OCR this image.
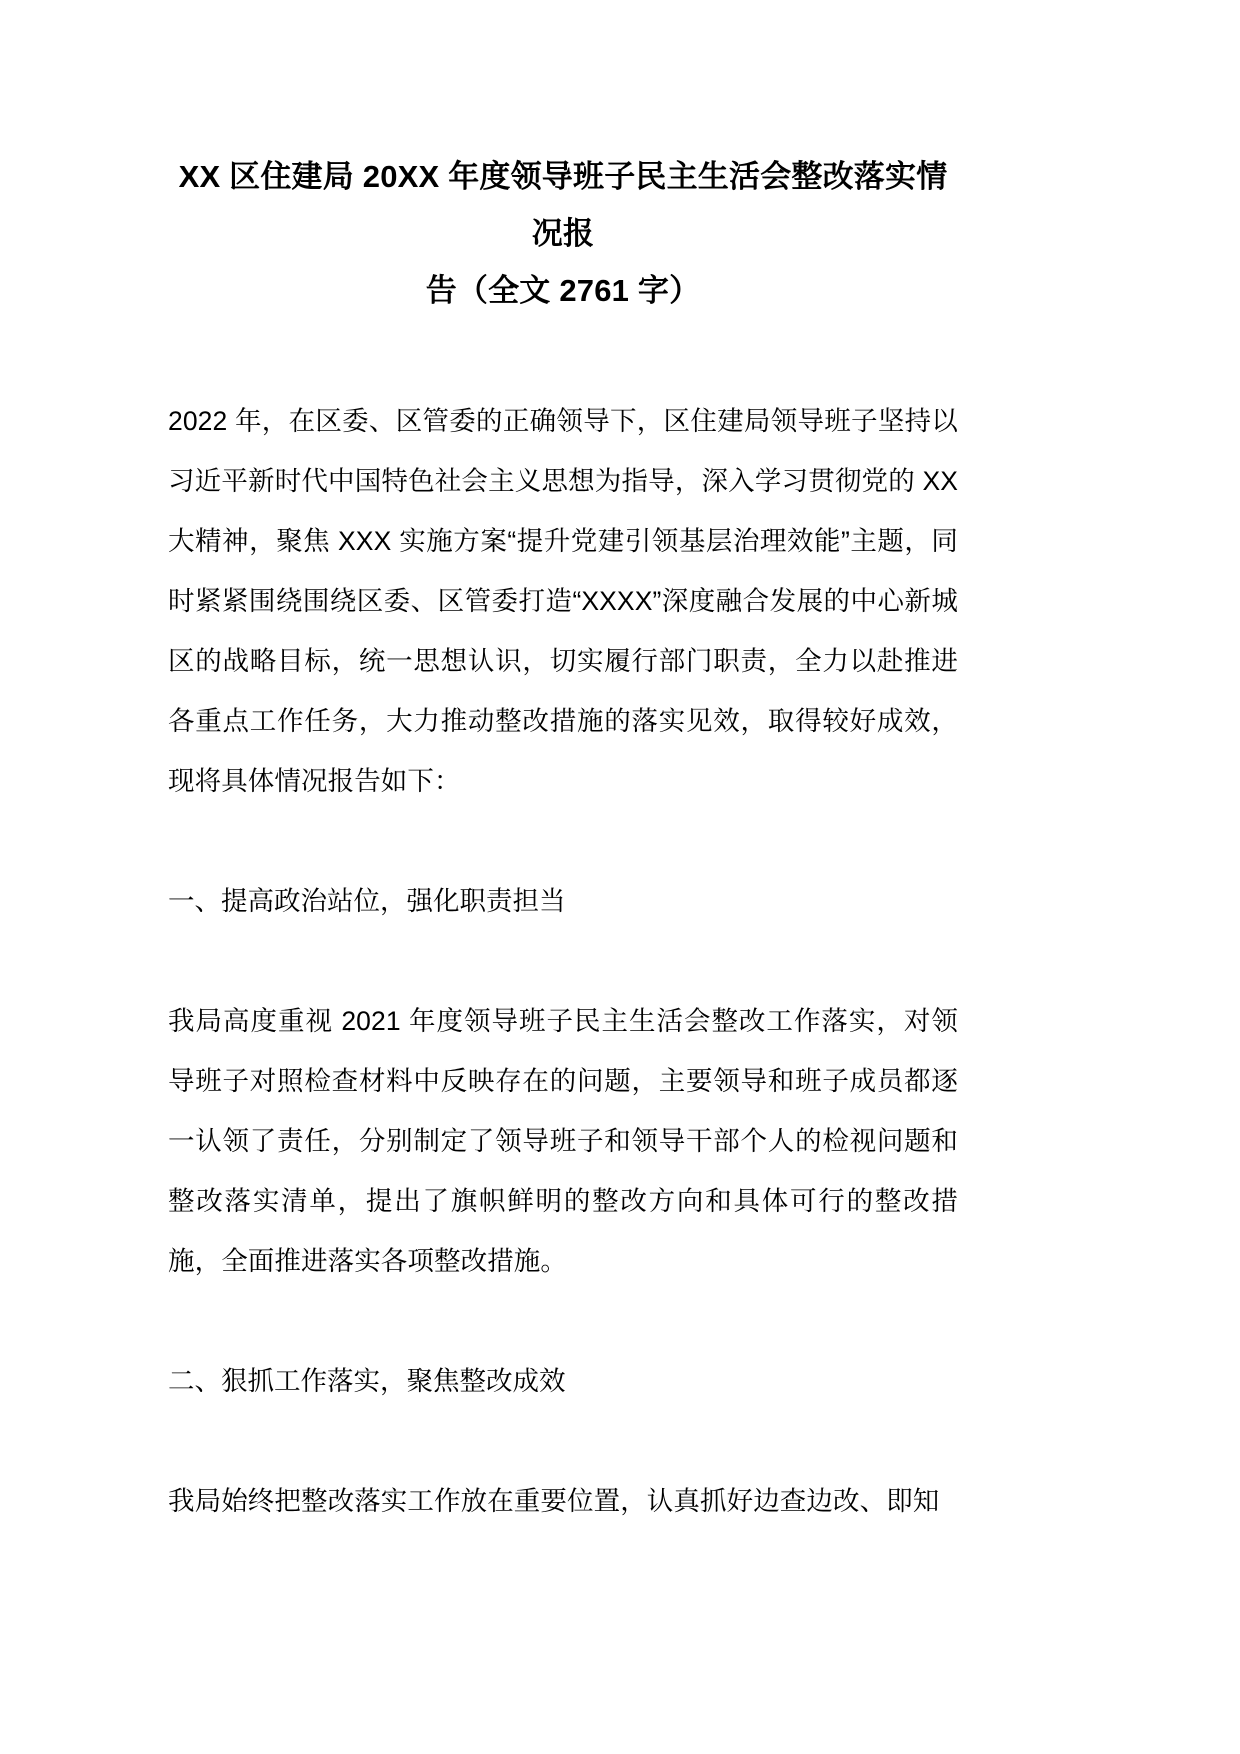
XX 区住建局 20XX 年度领导班子民主生活会整改落实情况报
告（全文 2761 字）

2022 年，在区委、区管委的正确领导下，区住建局领导班子坚持以习近平新时代中国特色社会主义思想为指导，深入学习贯彻党的 XX 大精神，聚焦 XXX 实施方案“提升党建引领基层治理效能”主题，同时紧紧围绕围绕区委、区管委打造“XXXX”深度融合发展的中心新城区的战略目标，统一思想认识，切实履行部门职责，全力以赴推进各重点工作任务，大力推动整改措施的落实见效，取得较好成效，现将具体情况报告如下：

一、提高政治站位，强化职责担当

我局高度重视 2021 年度领导班子民主生活会整改工作落实，对领导班子对照检查材料中反映存在的问题，主要领导和班子成员都逐一认领了责任，分别制定了领导班子和领导干部个人的检视问题和整改落实清单，提出了旗帜鲜明的整改方向和具体可行的整改措施，全面推进落实各项整改措施。

二、狠抓工作落实，聚焦整改成效

我局始终把整改落实工作放在重要位置，认真抓好边查边改、即知
